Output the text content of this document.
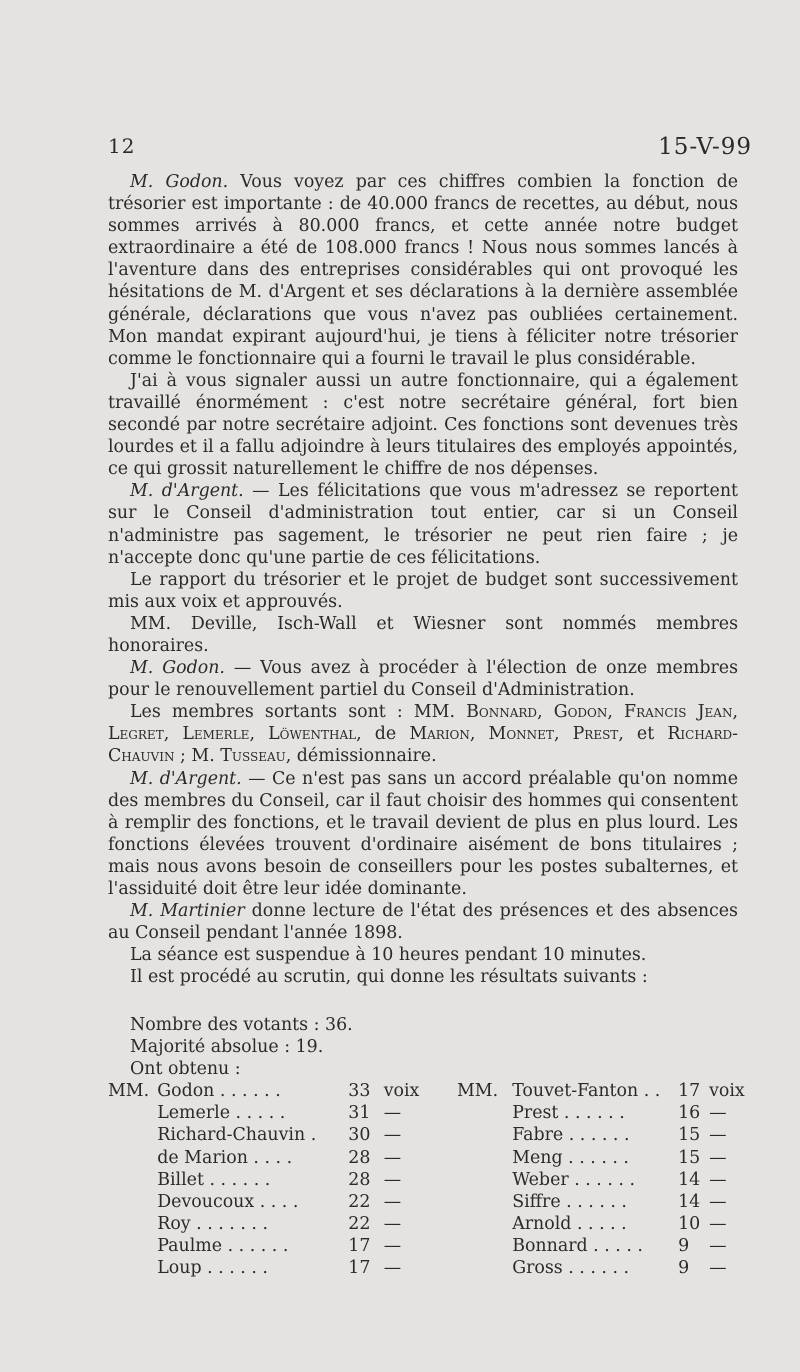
12	15-V-99

M. Godon. Vous voyez par ces chiffres combien la fonction de trésorier est importante : de 40.000 francs de recettes, au début, nous sommes arrivés à 80.000 francs, et cette année notre budget extraordinaire a été de 108.000 francs ! Nous nous sommes lancés à l'aventure dans des entreprises considérables qui ont provoqué les hésitations de M. d'Argent et ses déclarations à la dernière assemblée générale, déclarations que vous n'avez pas oubliées certainement. Mon mandat expirant aujourd'hui, je tiens à féliciter notre trésorier comme le fonctionnaire qui a fourni le travail le plus considérable.

J'ai à vous signaler aussi un autre fonctionnaire, qui a également travaillé énormément : c'est notre secrétaire général, fort bien secondé par notre secrétaire adjoint. Ces fonctions sont devenues très lourdes et il a fallu adjoindre à leurs titulaires des employés appointés, ce qui grossit naturellement le chiffre de nos dépenses.

M. d'Argent. — Les félicitations que vous m'adressez se reportent sur le Conseil d'administration tout entier, car si un Conseil n'administre pas sagement, le trésorier ne peut rien faire ; je n'accepte donc qu'une partie de ces félicitations.

Le rapport du trésorier et le projet de budget sont successivement mis aux voix et approuvés.

MM. Deville, Isch-Wall et Wiesner sont nommés membres honoraires.

M. Godon. — Vous avez à procéder à l'élection de onze membres pour le renouvellement partiel du Conseil d'Administration.

Les membres sortants sont : MM. Bonnard, Godon, Francis Jean, Legret, Lemerle, Löwenthal, de Marion, Monnet, Prest, et Richard-Chauvin ; M. Tusseau, démissionnaire.

M. d'Argent. — Ce n'est pas sans un accord préalable qu'on nomme des membres du Conseil, car il faut choisir des hommes qui consentent à remplir des fonctions, et le travail devient de plus en plus lourd. Les fonctions élevées trouvent d'ordinaire aisément de bons titulaires ; mais nous avons besoin de conseillers pour les postes subalternes, et l'assiduité doit être leur idée dominante.

M. Martinier donne lecture de l'état des présences et des absences au Conseil pendant l'année 1898.

La séance est suspendue à 10 heures pendant 10 minutes.

Il est procédé au scrutin, qui donne les résultats suivants :

Nombre des votants : 36.

Majorité absolue : 19.

Ont obtenu :

MM.	Godon . . . . . .	33	voix	MM.	Touvet-Fanton . .	17	voix
	Lemerle . . . . .	31	—		Prest . . . . . .	16	—
	Richard-Chauvin .	30	—		Fabre . . . . . .	15	—
	de Marion . . . .	28	—		Meng . . . . . .	15	—
	Billet . . . . . .	28	—		Weber . . . . . .	14	—
	Devoucoux . . . .	22	—		Siffre . . . . . .	14	—
	Roy . . . . . . .	22	—		Arnold . . . . .	10	—
	Paulme . . . . . .	17	—		Bonnard . . . . .	9	—
	Loup . . . . . .	17	—		Gross . . . . . .	9	—
